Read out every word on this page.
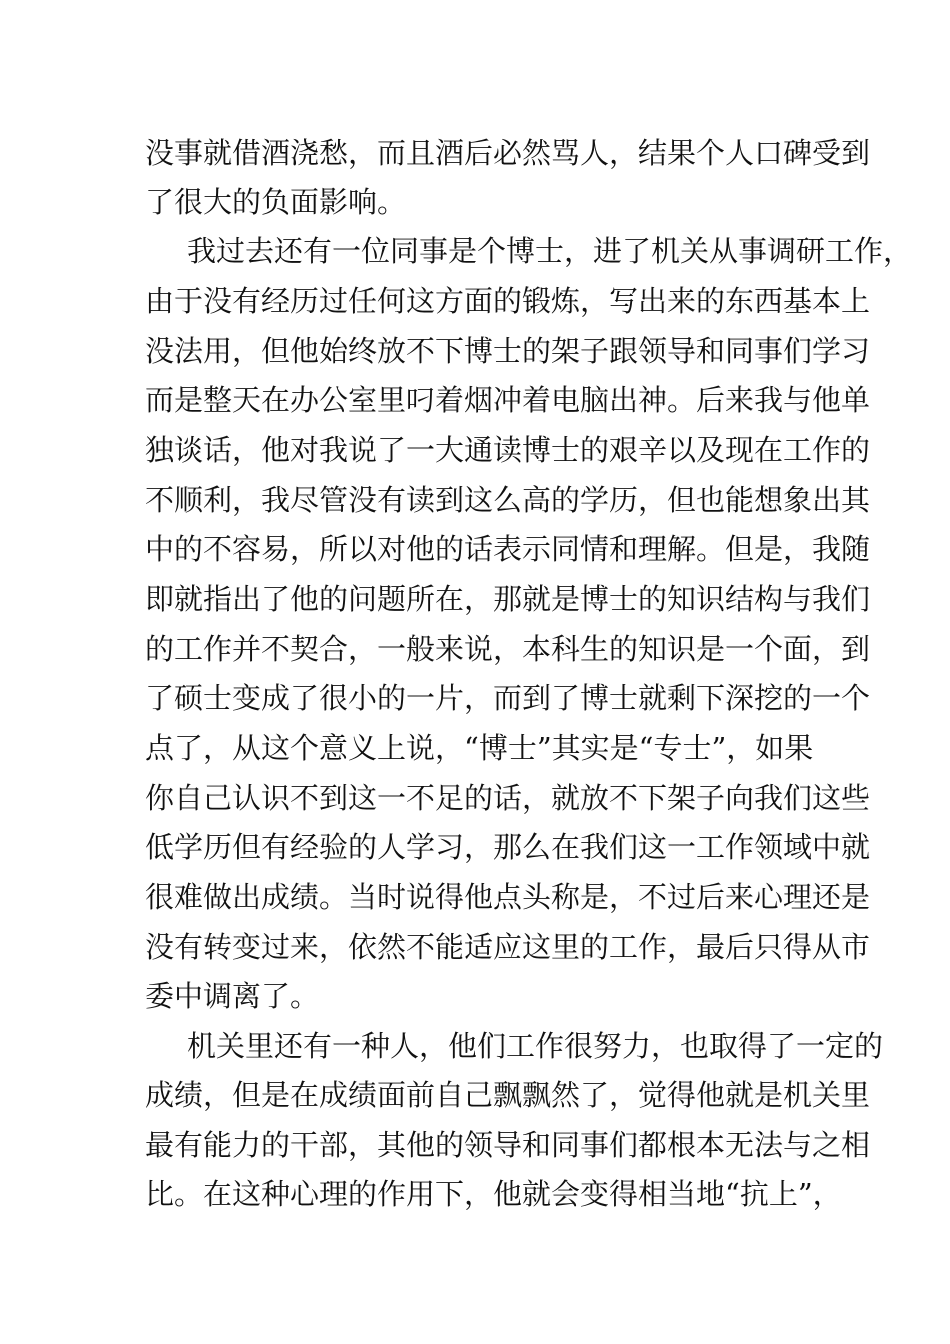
没事就借酒浇愁，而且酒后必然骂人，结果个人口碑受到
了很大的负面影响。
我过去还有一位同事是个博士，进了机关从事调研工作，
由于没有经历过任何这方面的锻炼，写出来的东西基本上
没法用，但他始终放不下博士的架子跟领导和同事们学习
而是整天在办公室里叼着烟冲着电脑出神。后来我与他单
独谈话，他对我说了一大通读博士的艰辛以及现在工作的
不顺利，我尽管没有读到这么高的学历，但也能想象出其
中的不容易，所以对他的话表示同情和理解。但是，我随
即就指出了他的问题所在，那就是博士的知识结构与我们
的工作并不契合，一般来说，本科生的知识是一个面，到
了硕士变成了很小的一片，而到了博士就剩下深挖的一个
点了，从这个意义上说，“博士”其实是“专士”，如果
你自己认识不到这一不足的话，就放不下架子向我们这些
低学历但有经验的人学习，那么在我们这一工作领域中就
很难做出成绩。当时说得他点头称是，不过后来心理还是
没有转变过来，依然不能适应这里的工作，最后只得从市
委中调离了。
机关里还有一种人，他们工作很努力，也取得了一定的
成绩，但是在成绩面前自己飘飘然了，觉得他就是机关里
最有能力的干部，其他的领导和同事们都根本无法与之相
比。在这种心理的作用下，他就会变得相当地“抗上”，
